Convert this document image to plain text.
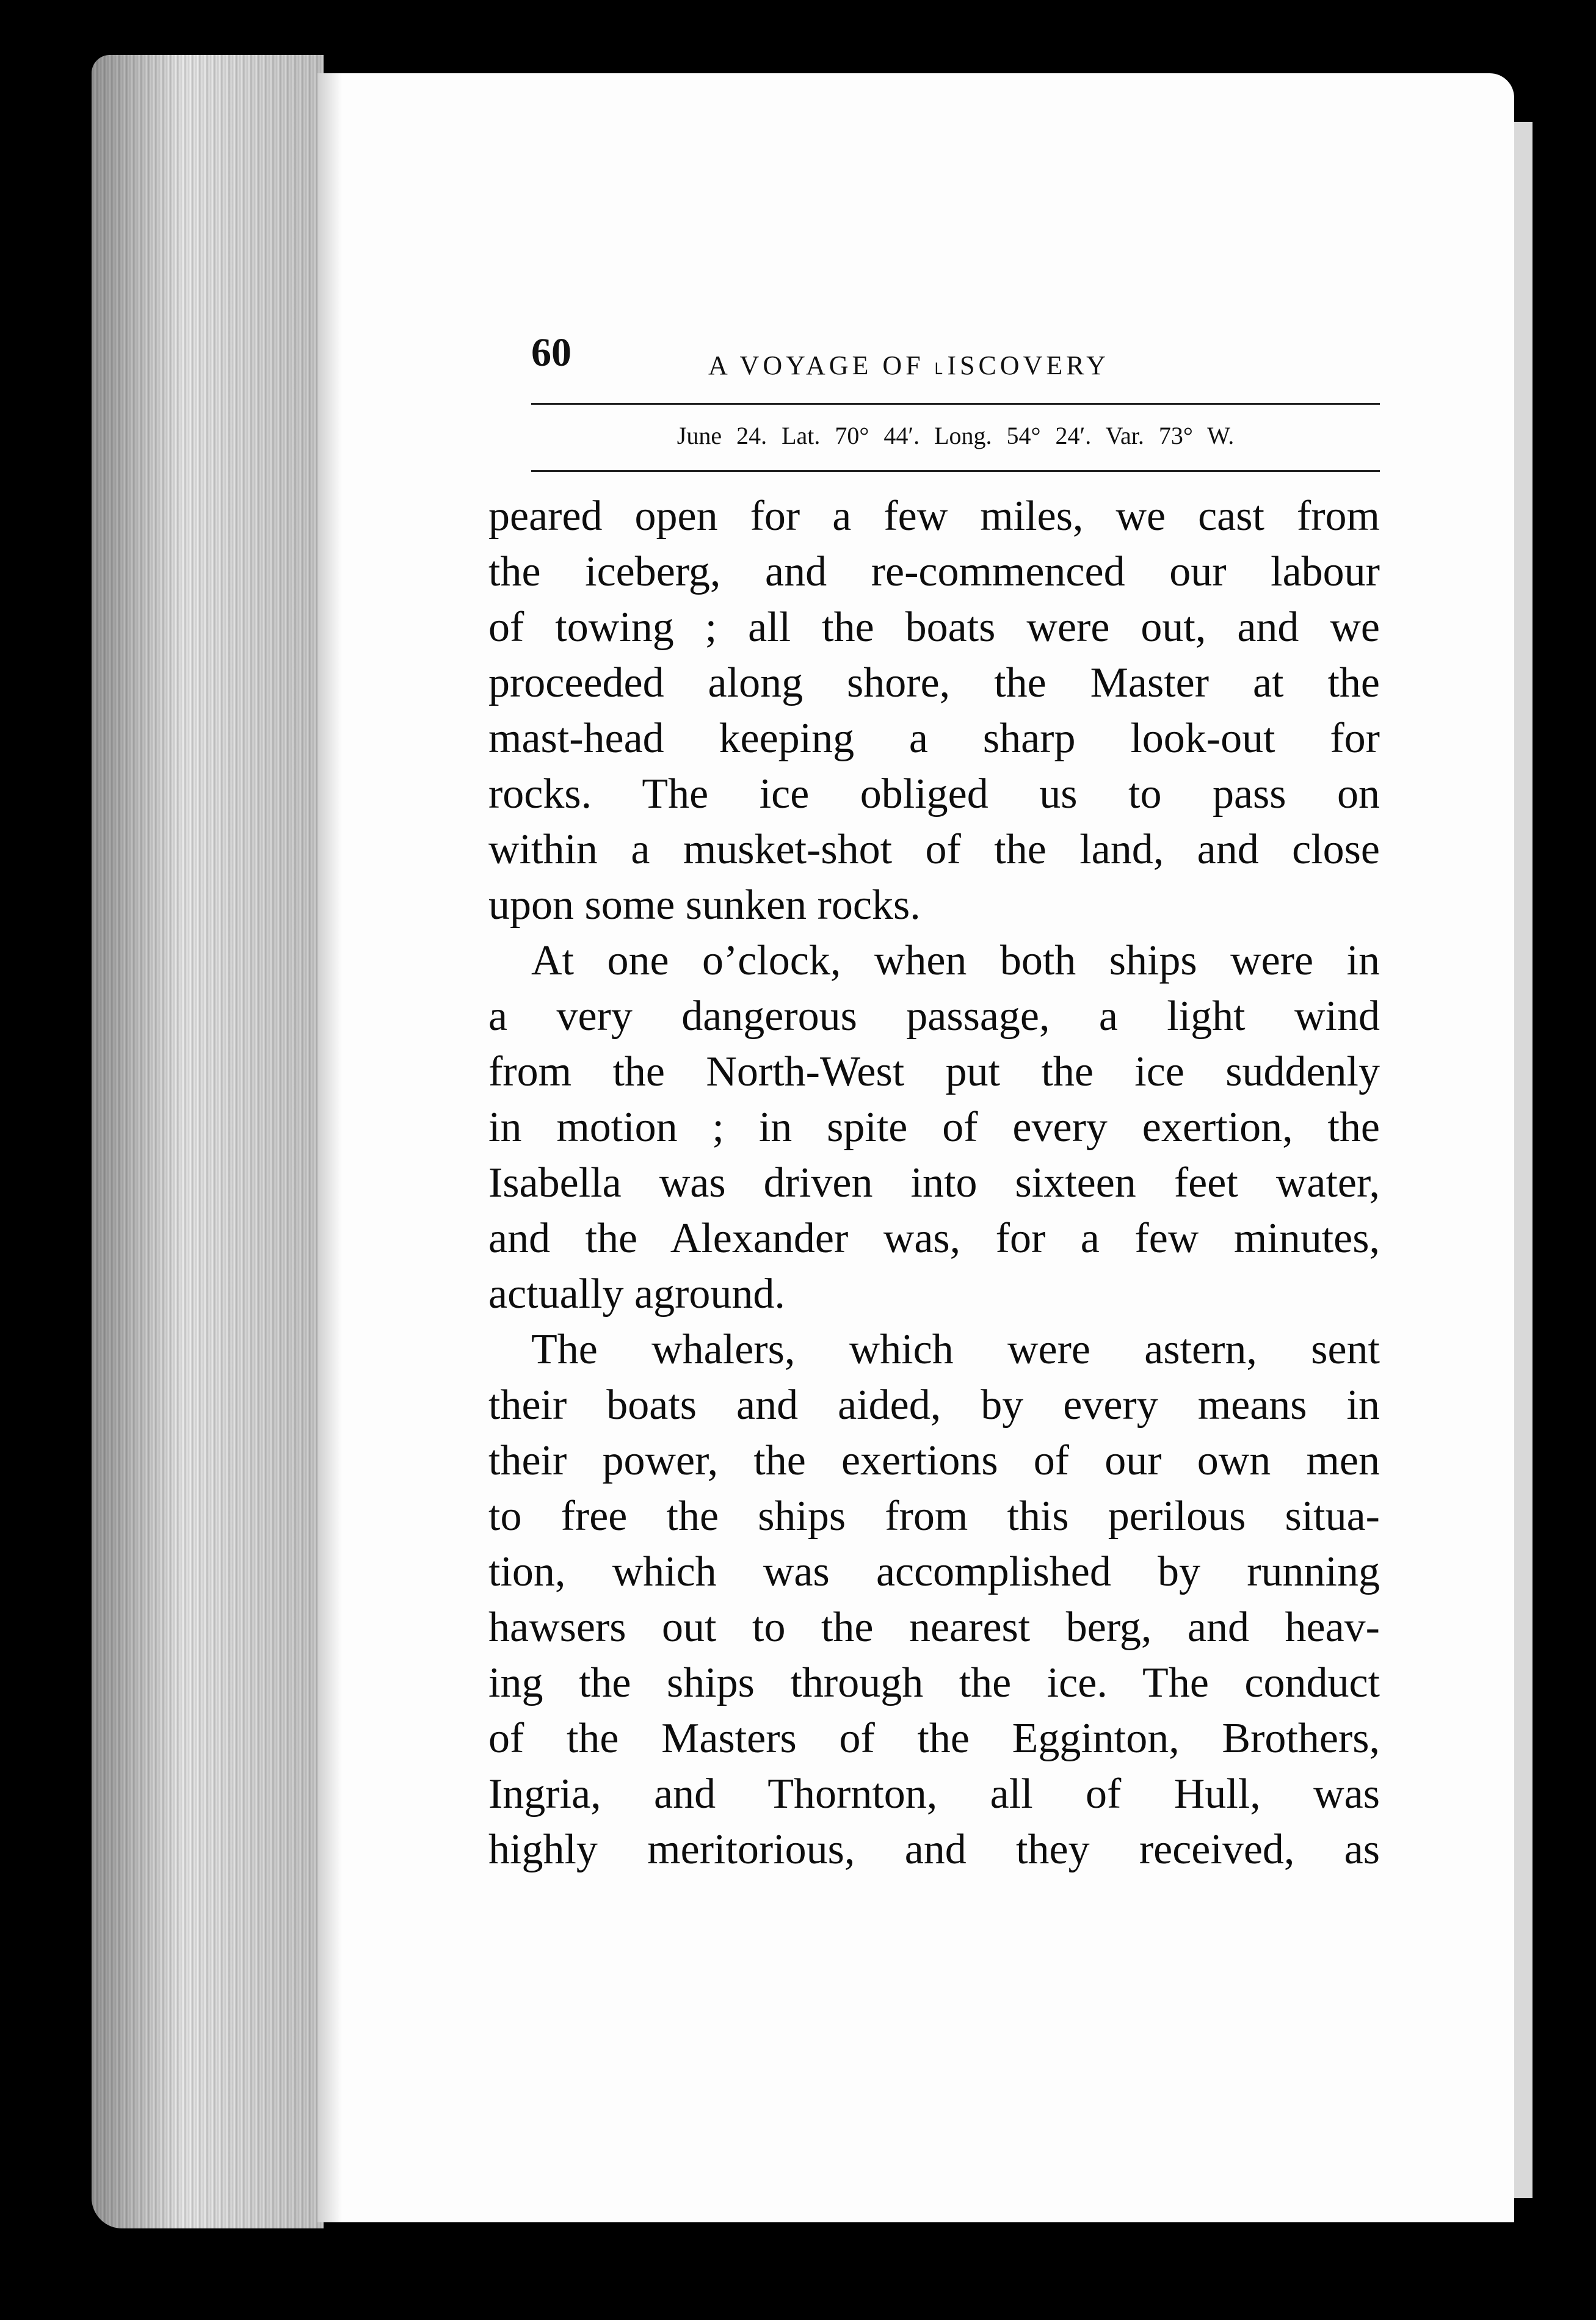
60	A VOYAGE OF ˪ISCOVERY
June 24. Lat. 70° 44′. Long. 54° 24′. Var. 73° W.

peared open for a few miles, we cast from
the iceberg, and re-commenced our labour
of towing ; all the boats were out, and we
proceeded along shore, the Master at the
mast-head keeping a sharp look-out for
rocks. The ice obliged us to pass on
within a musket-shot of the land, and close
upon some sunken rocks.

At one o’clock, when both ships were in
a very dangerous passage, a light wind
from the North-West put the ice suddenly
in motion ; in spite of every exertion, the
Isabella was driven into sixteen feet water,
and the Alexander was, for a few minutes,
actually aground.

The whalers, which were astern, sent
their boats and aided, by every means in
their power, the exertions of our own men
to free the ships from this perilous situa-
tion, which was accomplished by running
hawsers out to the nearest berg, and heav-
ing the ships through the ice. The conduct
of the Masters of the Egginton, Brothers,
Ingria, and Thornton, all of Hull, was
highly meritorious, and they received, as
